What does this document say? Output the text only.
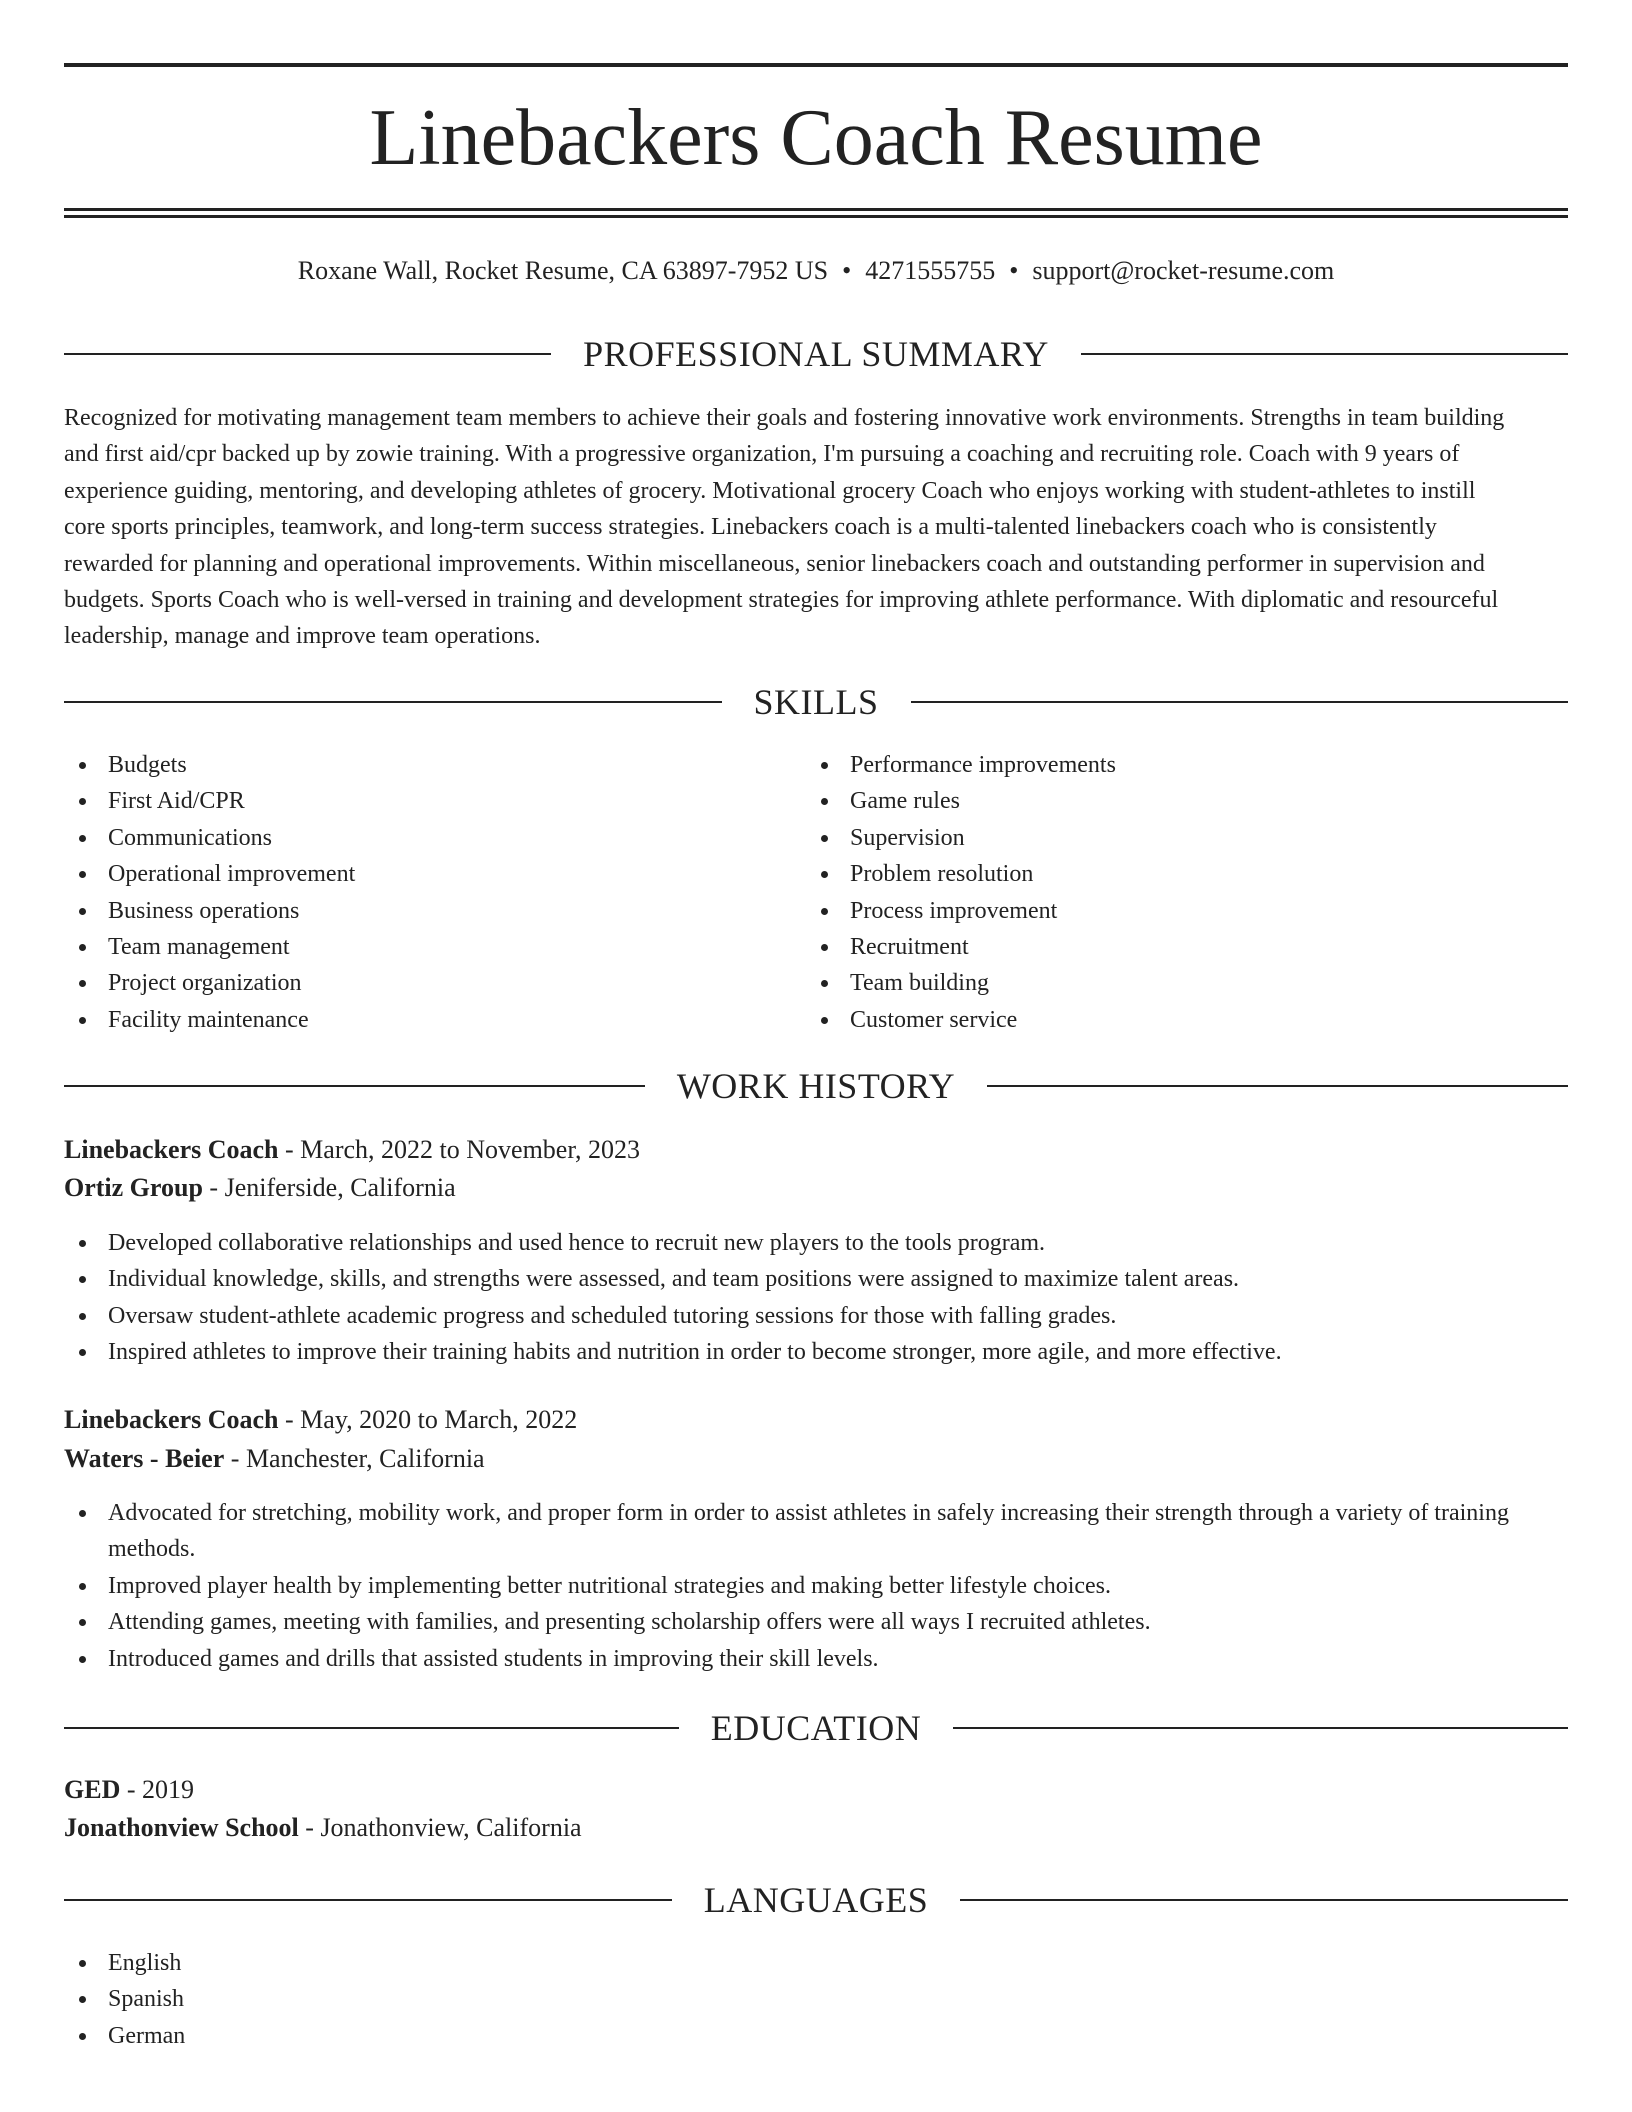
Linebackers Coach Resume
Roxane Wall, Rocket Resume, CA 63897-7952 US • 4271555755 • support@rocket-resume.com
PROFESSIONAL SUMMARY
Recognized for motivating management team members to achieve their goals and fostering innovative work environments. Strengths in team building
and first aid/cpr backed up by zowie training. With a progressive organization, I'm pursuing a coaching and recruiting role. Coach with 9 years of
experience guiding, mentoring, and developing athletes of grocery. Motivational grocery Coach who enjoys working with student-athletes to instill
core sports principles, teamwork, and long-term success strategies. Linebackers coach is a multi-talented linebackers coach who is consistently
rewarded for planning and operational improvements. Within miscellaneous, senior linebackers coach and outstanding performer in supervision and
budgets. Sports Coach who is well-versed in training and development strategies for improving athlete performance. With diplomatic and resourceful
leadership, manage and improve team operations.
SKILLS
Budgets
First Aid/CPR
Communications
Operational improvement
Business operations
Team management
Project organization
Facility maintenance
Performance improvements
Game rules
Supervision
Problem resolution
Process improvement
Recruitment
Team building
Customer service
WORK HISTORY
Linebackers Coach - March, 2022 to November, 2023
Ortiz Group - Jeniferside, California
Developed collaborative relationships and used hence to recruit new players to the tools program.
Individual knowledge, skills, and strengths were assessed, and team positions were assigned to maximize talent areas.
Oversaw student-athlete academic progress and scheduled tutoring sessions for those with falling grades.
Inspired athletes to improve their training habits and nutrition in order to become stronger, more agile, and more effective.
Linebackers Coach - May, 2020 to March, 2022
Waters - Beier - Manchester, California
Advocated for stretching, mobility work, and proper form in order to assist athletes in safely increasing their strength through a variety of training methods.
Improved player health by implementing better nutritional strategies and making better lifestyle choices.
Attending games, meeting with families, and presenting scholarship offers were all ways I recruited athletes.
Introduced games and drills that assisted students in improving their skill levels.
EDUCATION
GED - 2019
Jonathonview School - Jonathonview, California
LANGUAGES
English
Spanish
German
